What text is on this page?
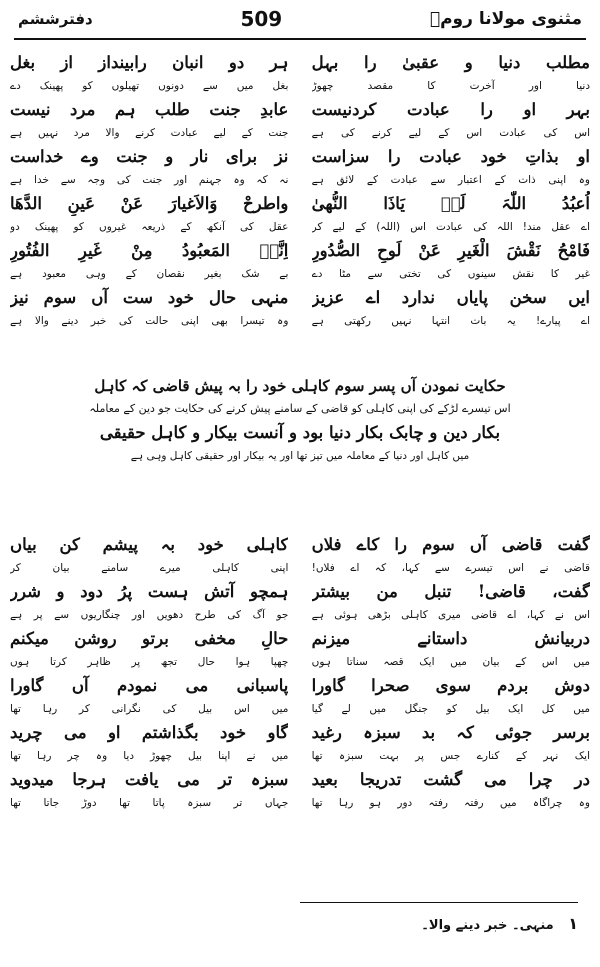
مثنوی مولانا رومؒ
509
دفترششم
مطلب دنیا و عقبیٰ را بہل
دنیا اور آخرت کا مقصد چھوڑ
ہر دو انبان رابینداز از بغل
بغل میں سے دونوں تھیلوں کو پھینک دے
بہر او را عبادت کردنیست
اس کی عبادت اس کے لیے کرنے کی ہے
عابدِ جنت طلب ہم مرد نیست
جنت کے لیے عبادت کرنے والا مرد نہیں ہے
او بذاتِ خود عبادت را سزاست
وہ اپنی ذات کے اعتبار سے عبادت کے لائق ہے
نز برای نار و جنت وے خداست
نہ کہ وہ جہنم اور جنت کی وجہ سے خدا ہے
اُعبُدُ اللّٰہَ لَہٗ یَاذَا النُّھیٰ
اے عقل مند! اللہ کی عبادت اس (اللہ) کے لیے کر
واطرحْ وَالاَغیارَ عَنْ عَینِ الدَّھَا
عقل کی آنکھ کے ذریعہ غیروں کو پھینک دو
فَامْحُ نَقْشَ الْغَیرِ عَنْ لَوحِ الصُّدُورِ
غیر کا نقش سینوں کی تختی سے مٹا دے
اِنَّہٗ المَعبُودُ مِنْ غَیرِ الفُتُورِ
بے شک بغیر نقصان کے وہی معبود ہے
ایں سخن پایاں ندارد اے عزیز
اے پیارے! یہ بات انتہا نہیں رکھتی ہے
منہی حال خود ست آں سوم نیز
وہ تیسرا بھی اپنی حالت کی خبر دینے والا ہے
حکایت نمودن آں پسر سوم کاہلی خود را بہ پیش قاضی کہ کاہل
اس تیسرے لڑکے کی اپنی کاہلی کو قاضی کے سامنے پیش کرنے کی حکایت جو دین کے معاملہ
بکار دین و چابک بکار دنیا بود و آنست بیکار و کاہل حقیقی
میں کاہل اور دنیا کے معاملہ میں تیز تھا اور یہ بیکار اور حقیقی کاہل وہی ہے
گفت قاضی آں سوم را کاے فلاں
قاضی نے اس تیسرے سے کہا، کہ اے فلاں!
کاہلی خود بہ پیشم کن بیاں
اپنی کاہلی میرے سامنے بیان کر
گفت، قاضی! تنبل من بیشتر
اس نے کہا، اے قاضی میری کاہلی بڑھی ہوئی ہے
ہمچو آتش ہست پرُ دود و شرر
جو آگ کی طرح دھویں اور چنگاریوں سے پر ہے
دربیانش داستانے میزنم
میں اس کے بیان میں ایک قصہ سناتا ہوں
حالِ مخفی برتو روشن میکنم
چھپا ہوا حال تجھ پر ظاہر کرتا ہوں
دوش بردم سوی صحرا گاورا
میں کل ایک بیل کو جنگل میں لے گیا
پاسبانی می نمودم آں گاورا
میں اس بیل کی نگرانی کر رہا تھا
برسر جوئی کہ بد سبزہ رغید
ایک نہر کے کنارے جس پر بہت سبزہ تھا
گاو خود بگذاشتم او می چرید
میں نے اپنا بیل چھوڑ دیا وہ چر رہا تھا
در چرا می گشت تدریجا بعید
وہ چراگاہ میں رفتہ رفتہ دور ہو رہا تھا
سبزہ تر می یافت ہرجا میدوید
جہاں تر سبزہ پاتا تھا دوڑ جاتا تھا
۱ منہی۔ خبر دینے والا۔
